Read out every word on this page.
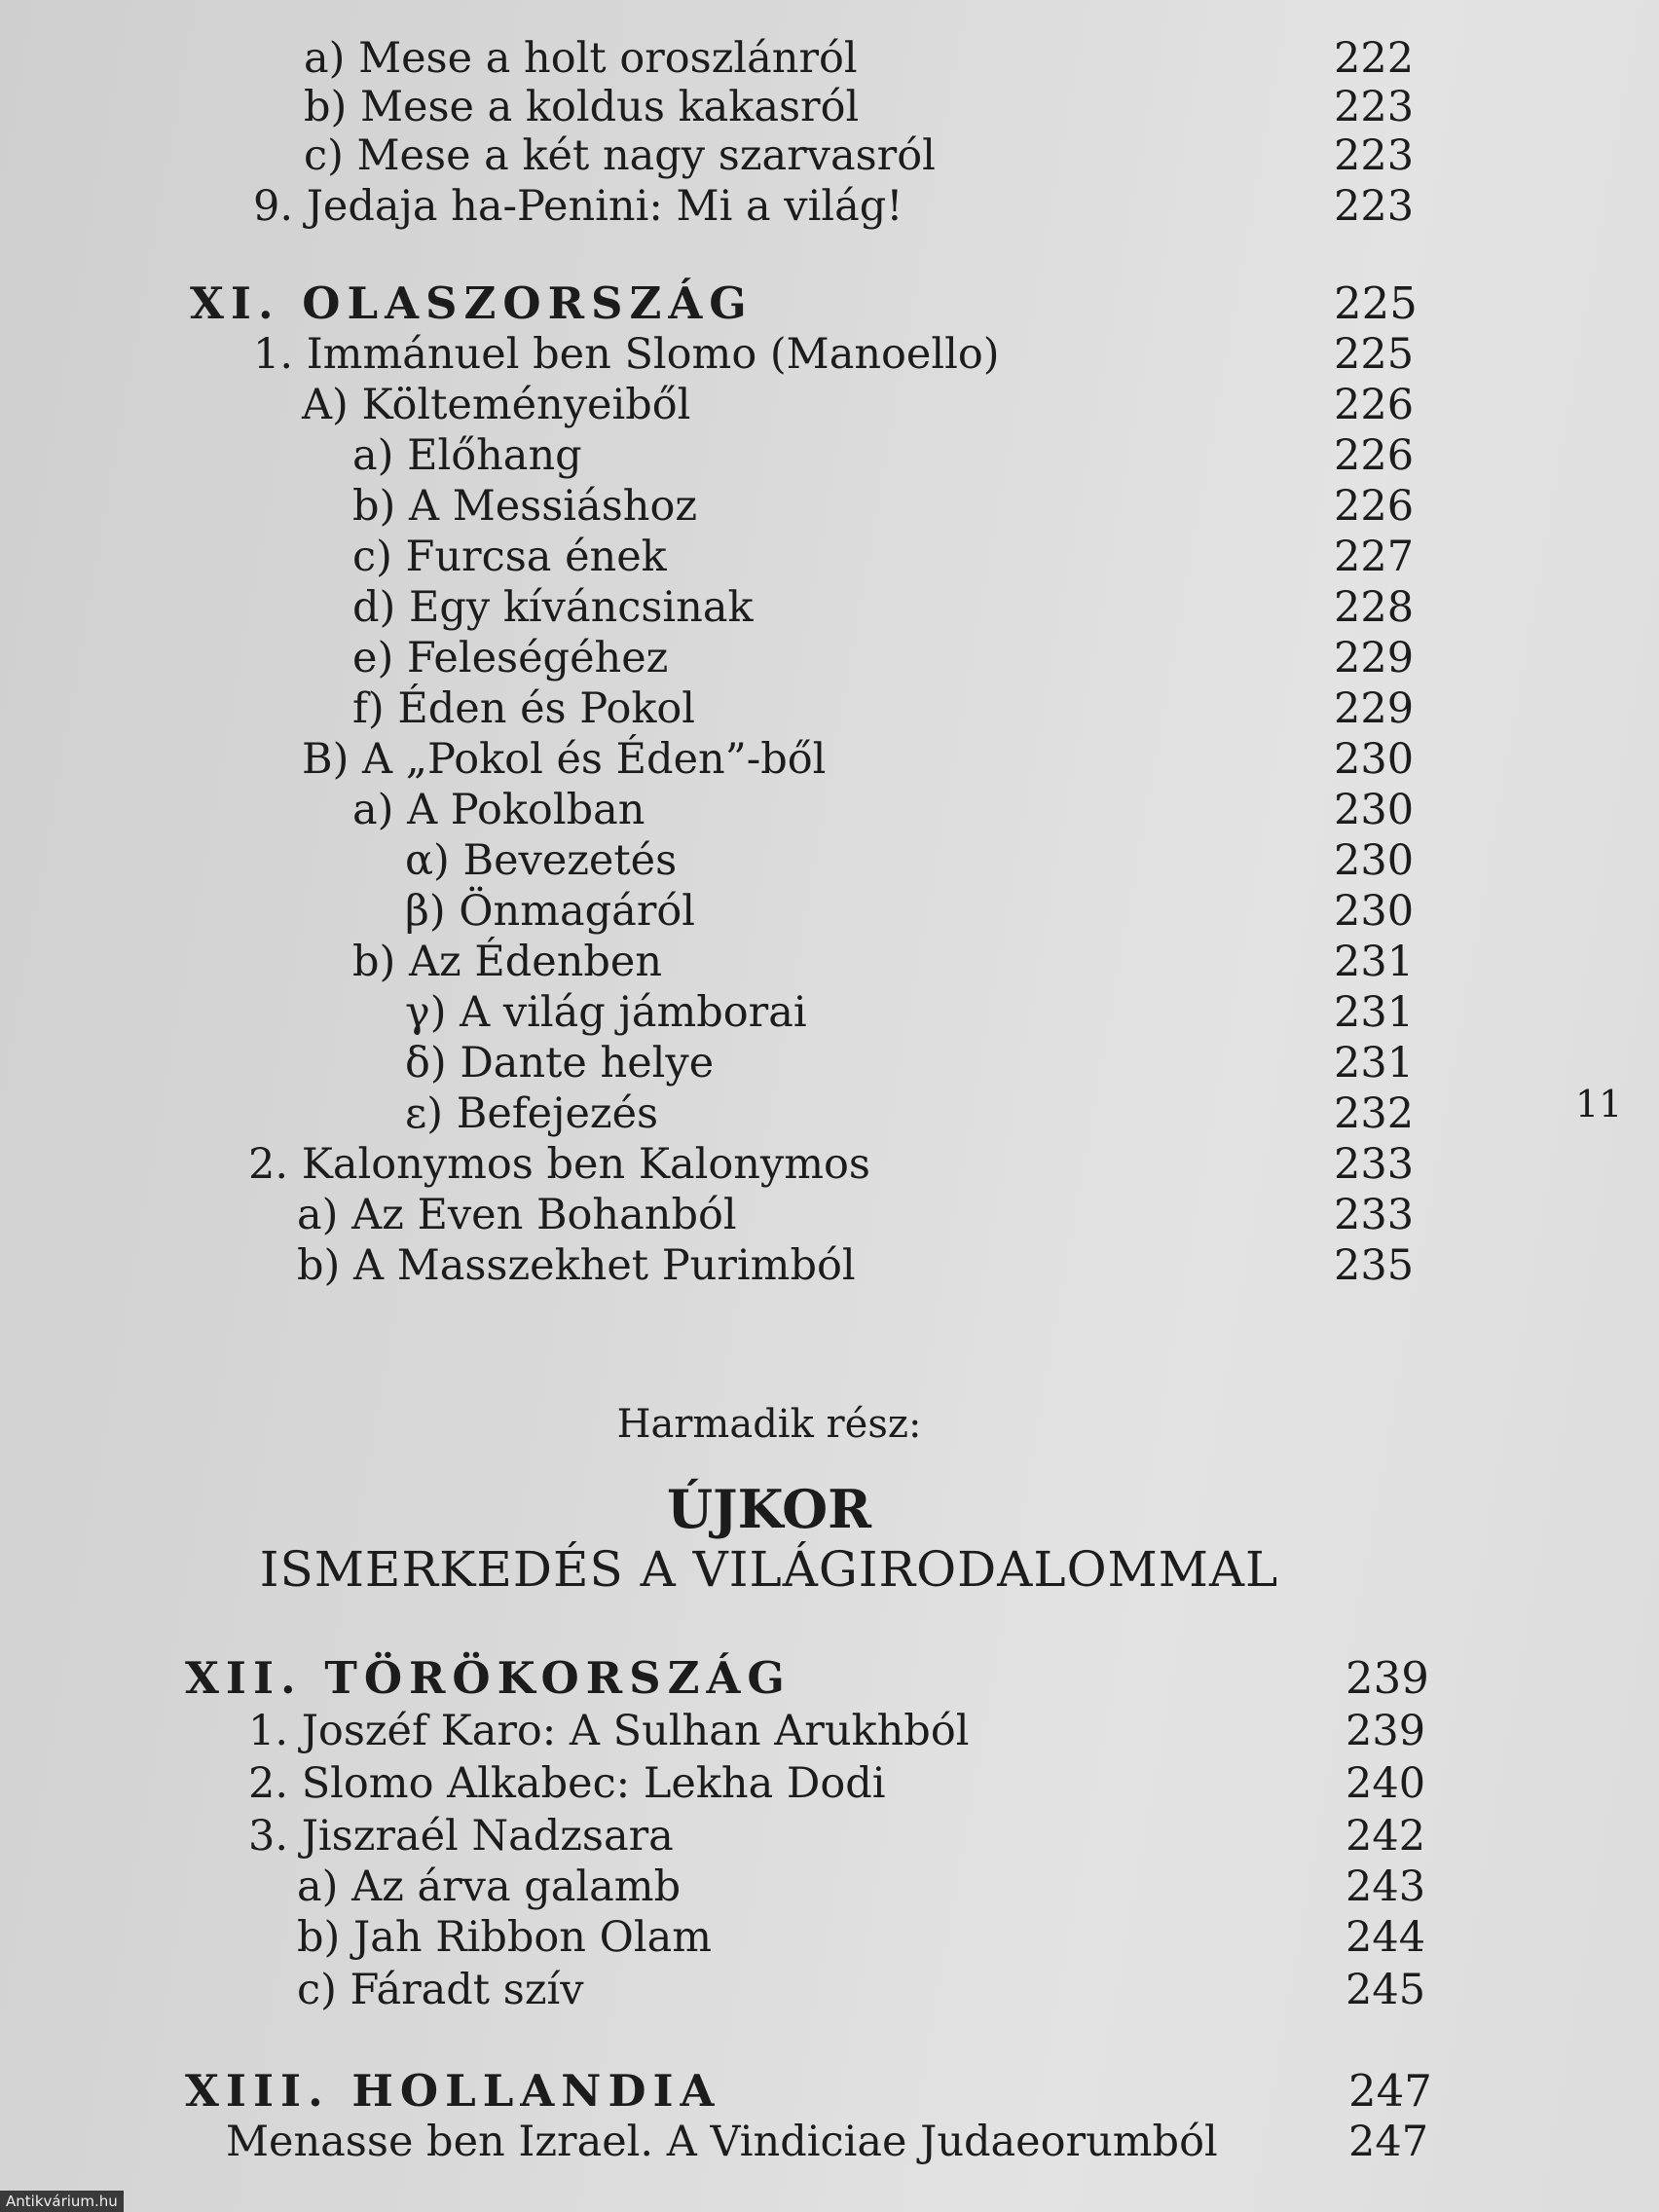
a) Mese a holt oroszlánról	222
b) Mese a koldus kakasról	223
c) Mese a két nagy szarvasról	223
9. Jedaja ha-Penini: Mi a világ!	223
XI. OLASZORSZÁG	225
1. Immánuel ben Slomo (Manoello)	225
A) Költeményeiből	226
a) Előhang	226
b) A Messiáshoz	226
c) Furcsa ének	227
d) Egy kíváncsinak	228
e) Feleségéhez	229
f) Éden és Pokol	229
B) A „Pokol és Éden”-ből	230
a) A Pokolban	230
α) Bevezetés	230
β) Önmagáról	230
b) Az Édenben	231
γ) A világ jámborai	231
δ) Dante helye	231
ε) Befejezés	232
2. Kalonymos ben Kalonymos	233
a) Az Even Bohanból	233
b) A Masszekhet Purimból	235
Harmadik rész:
ÚJKOR
ISMERKEDÉS A VILÁGIRODALOMMAL
XII. TÖRÖKORSZÁG	239
1. Joszéf Karo: A Sulhan Arukhból	239
2. Slomo Alkabec: Lekha Dodi	240
3. Jiszraél Nadzsara	242
a) Az árva galamb	243
b) Jah Ribbon Olam	244
c) Fáradt szív	245
XIII. HOLLANDIA	247
Menasse ben Izrael. A Vindiciae Judaeorumból	247
11
Antikvárium.hu
